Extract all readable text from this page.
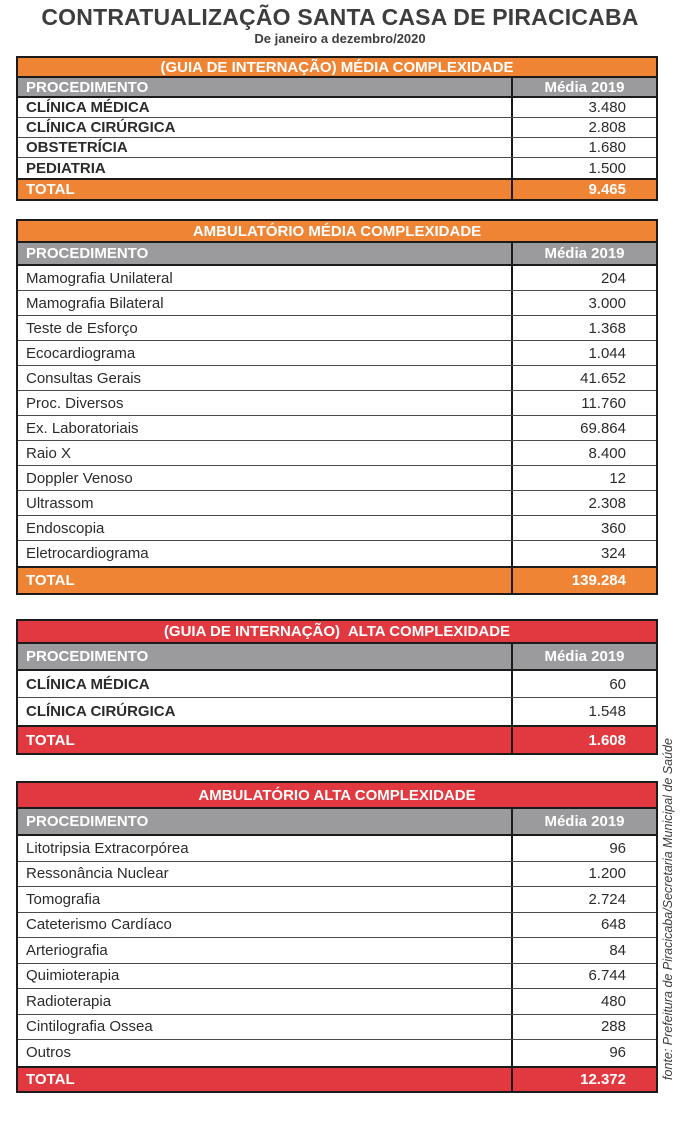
CONTRATUALIZAÇÃO SANTA CASA DE PIRACICABA
De janeiro a dezembro/2020
(GUIA DE INTERNAÇÃO) MÉDIA COMPLEXIDADE
PROCEDIMENTO	Média 2019
CLÍNICA MÉDICA	3.480
CLÍNICA CIRÚRGICA	2.808
OBSTETRÍCIA	1.680
PEDIATRIA	1.500
TOTAL	9.465
AMBULATÓRIO MÉDIA COMPLEXIDADE
PROCEDIMENTO	Média 2019
Mamografia Unilateral	204
Mamografia Bilateral	3.000
Teste de Esforço	1.368
Ecocardiograma	1.044
Consultas Gerais	41.652
Proc. Diversos	11.760
Ex. Laboratoriais	69.864
Raio X	8.400
Doppler Venoso	12
Ultrassom	2.308
Endoscopia	360
Eletrocardiograma	324
TOTAL	139.284
(GUIA DE INTERNAÇÃO)  ALTA COMPLEXIDADE
PROCEDIMENTO	Média 2019
CLÍNICA MÉDICA	60
CLÍNICA CIRÚRGICA	1.548
TOTAL	1.608
AMBULATÓRIO ALTA COMPLEXIDADE
PROCEDIMENTO	Média 2019
Litotripsia Extracorpórea	96
Ressonância Nuclear	1.200
Tomografia	2.724
Cateterismo Cardíaco	648
Arteriografia	84
Quimioterapia	6.744
Radioterapia	480
Cintilografia Ossea	288
Outros	96
TOTAL	12.372	fonte: Prefeitura de Piracicaba/Secretaria Municipal de Saúde
